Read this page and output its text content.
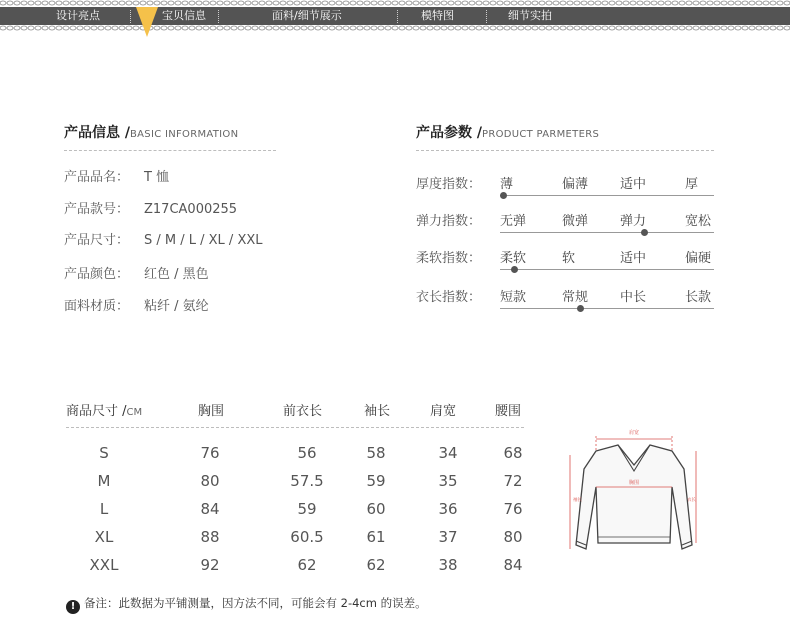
设计亮点	宝贝信息	面料/细节展示	模特图	细节实拍
产品信息 /BASIC INFORMATION
产品品名： T 恤
产品款号： Z17CA000255
产品尺寸： S / M / L / XL / XXL
产品颜色： 红色 / 黑色
面料材质： 粘纤 / 氨纶
产品参数 /PRODUCT PARMETERS
厚度指数： 薄	偏薄 适中	厚
弹力指数： 无弹	微弹 弹力	宽松
柔软指数： 柔软	软	适中	偏硬
衣长指数： 短款	常规 中长	长款
商品尺寸 /CM	胸围	前衣长	袖长	肩宽	腰围
S	76	56	58	34	68
M	80	57.5	59	35	72
L	84	59	60	36	76
XL	88	60.5	61	37	80
XXL	92	62	62	38	84
肩宽
胸围
袖长	衣长
! 备注：此数据为平铺测量，因方法不同，可能会有 2-4cm 的误差。
